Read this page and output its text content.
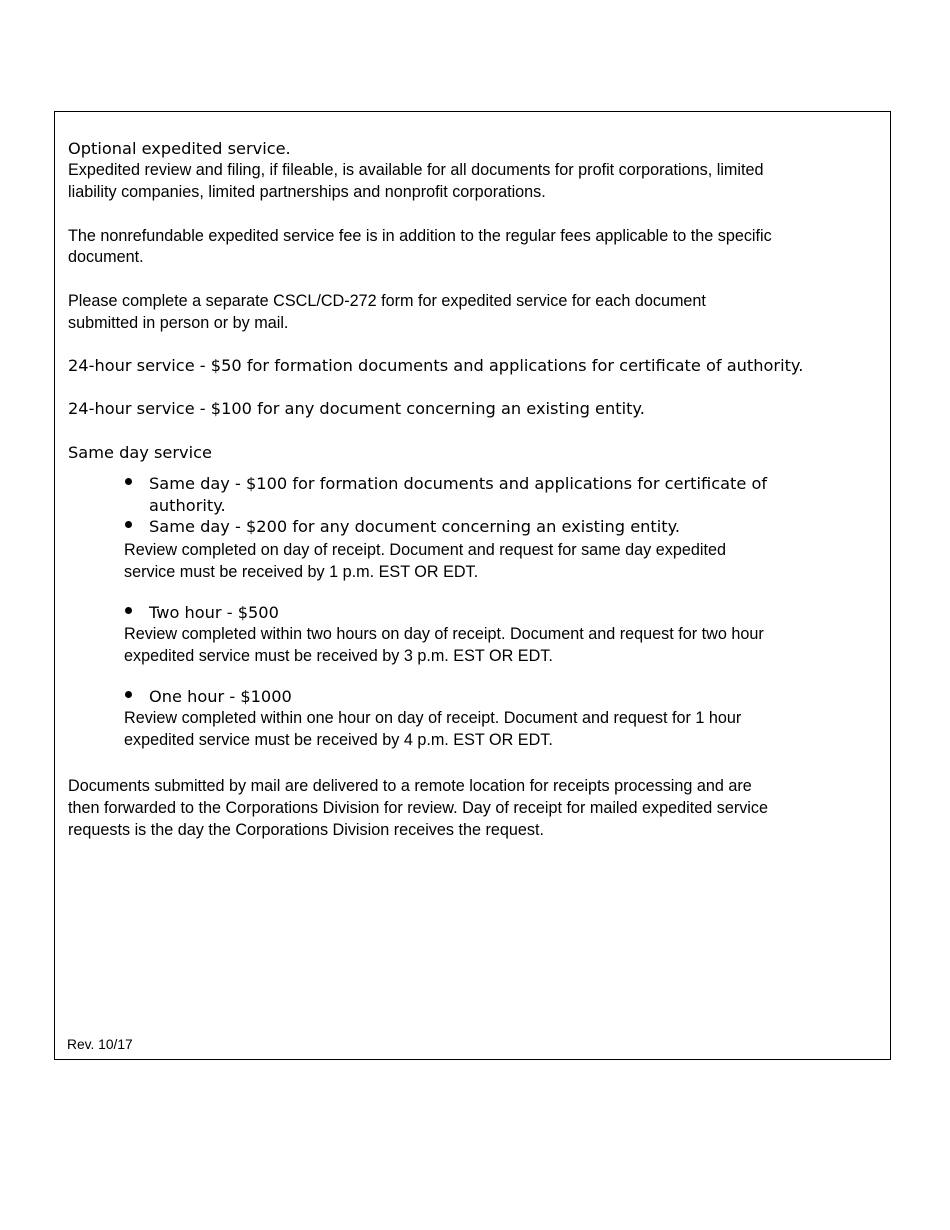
Optional expedited service.

Expedited review and filing, if fileable, is available for all documents for profit corporations, limited

liability companies, limited partnerships and nonprofit corporations.

The nonrefundable expedited service fee is in addition to the regular fees applicable to the specific

document.

Please complete a separate CSCL/CD-272 form for expedited service for each document

submitted in person or by mail.

24-hour service - $50 for formation documents and applications for certificate of authority.

24-hour service - $100 for any document concerning an existing entity.

Same day service

Same day - $100 for formation documents and applications for certificate of

authority.

Same day - $200 for any document concerning an existing entity.

Review completed on day of receipt. Document and request for same day expedited

service must be received by 1 p.m. EST OR EDT.

Two hour - $500

Review completed within two hours on day of receipt. Document and request for two hour

expedited service must be received by 3 p.m. EST OR EDT.

One hour - $1000

Review completed within one hour on day of receipt. Document and request for 1 hour

expedited service must be received by 4 p.m. EST OR EDT.

Documents submitted by mail are delivered to a remote location for receipts processing and are

then forwarded to the Corporations Division for review. Day of receipt for mailed expedited service

requests is the day the Corporations Division receives the request.

Rev. 10/17
